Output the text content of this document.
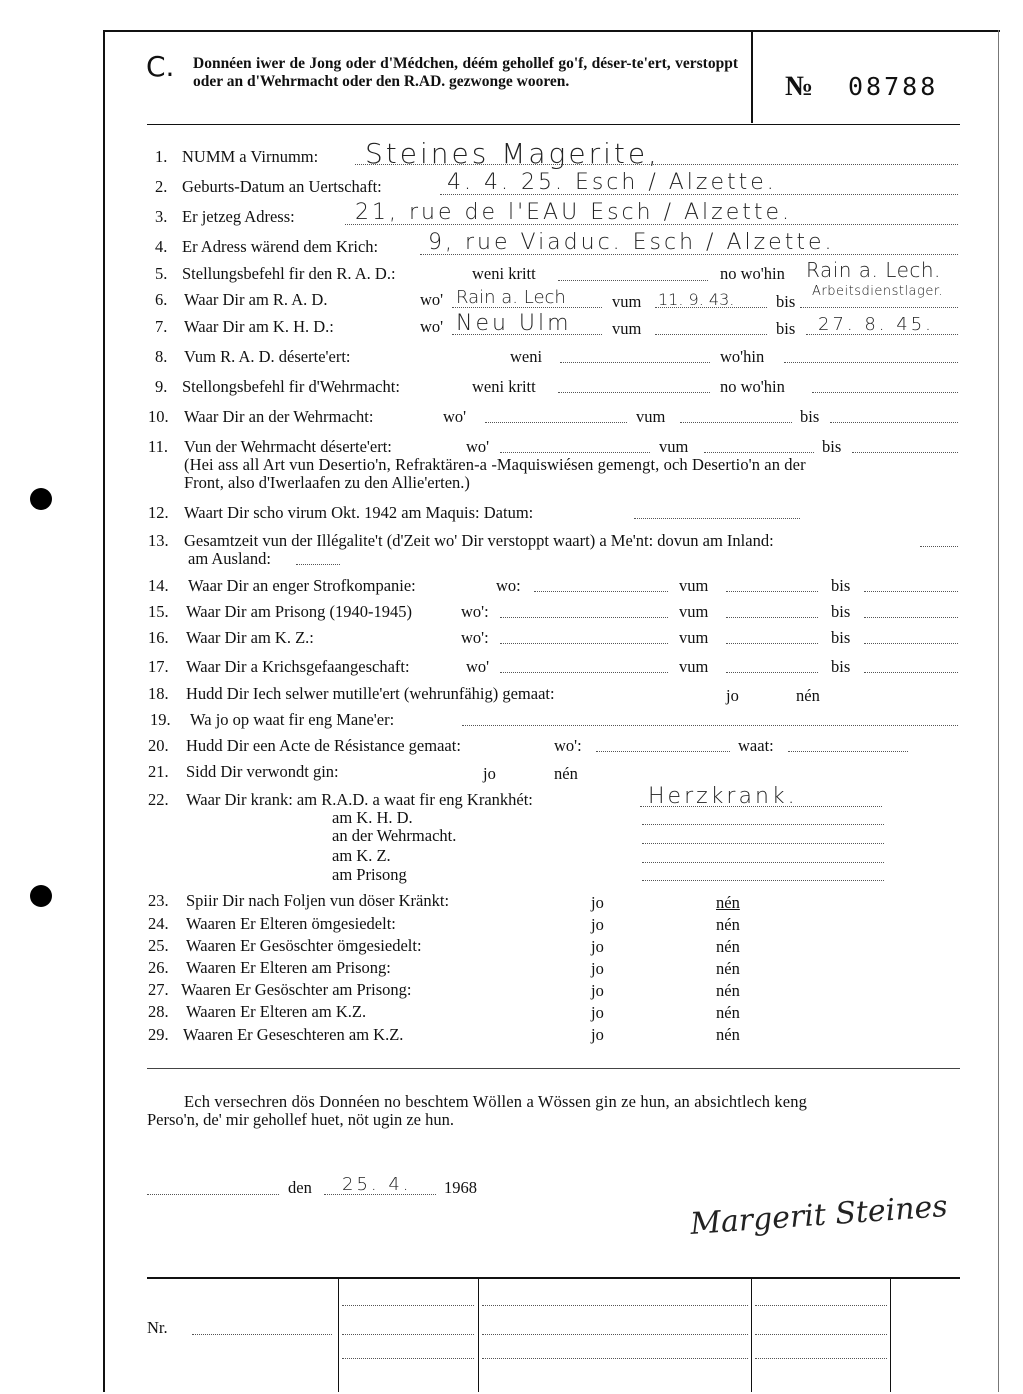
C. Donnéen iwer de Jong oder d'Médchen, déém gehollef go'f, déser-te'ert, verstoppt oder an d'Wehrmacht oder den R.AD. gezwonge wooren.	№ 08788
1. NUMM a Virnumm: Steines Magerite,
2. Geburts-Datum an Uertschaft:	4. 4. 25. Esch / Alzette.
3. Er jetzeg Adress:	21, rue de l'EAU Esch / Alzette.
4. Er Adress wärend dem Krich: 9, rue Viaduc. Esch / Alzette.
5. Stellungsbefehl fir den R. A. D.:	weni kritt	no wo'hin Rain a. Lech.
6. Waar Dir am R. A. D.	wo' Rain a. Lech	vum 11. 9. 43.	bis
Arbeitsdienstlager.
7. Waar Dir am K. H. D.:	wo' Neu Ulm vum	bis 27. 8. 45.
8. Vum R. A. D. déserte'ert:	weni	wo'hin
9. Stellongsbefehl fir d'Wehrmacht:	weni kritt	no wo'hin
10. Waar Dir an der Wehrmacht:	wo'	vum	bis
11. Vun der Wehrmacht déserte'ert:	wo'	vum	bis
(Hei ass all Art vun Desertio'n, Refraktären-a -Maquiswiésen gemengt, och Desertio'n an der
Front, also d'Iwerlaafen zu den Allie'erten.)
12. Waart Dir scho virum Okt. 1942 am Maquis: Datum:
13. Gesamtzeit vun der Illégalite't (d'Zeit wo' Dir verstoppt waart) a Me'nt: dovun am Inland:
am Ausland:
14. Waar Dir an enger Strofkompanie:	wo:	vum	bis
15. Waar Dir am Prisong (1940-1945)	wo':	vum	bis
16. Waar Dir am K. Z.:	wo':	vum	bis
17. Waar Dir a Krichsgefaangeschaft:	wo'	vum	bis
18. Hudd Dir Iech selwer mutille'ert (wehrunfähig) gemaat:	jo	nén
19. Wa jo op waat fir eng Mane'er:
20. Hudd Dir een Acte de Résistance gemaat:	wo':	waat:
21. Sidd Dir verwondt gin:	jo	nén
22. Waar Dir krank: am R.A.D. a waat fir eng Krankhét:	Herzkrank.
am K. H. D.
an der Wehrmacht.
am K. Z.
am Prisong
23. Spiir Dir nach Foljen vun döser Kränkt:	jo	nén
24. Waaren Er Elteren ömgesiedelt:	jo	nén
25. Waaren Er Gesöschter ömgesiedelt:	jo	nén
26. Waaren Er Elteren am Prisong:	jo	nén
27. Waaren Er Gesöschter am Prisong:	jo	nén
28. Waaren Er Elteren am K.Z.	jo	nén
29. Waaren Er Geseschteren am K.Z.	jo	nén
Ech versechren dös Donnéen no beschtem Wöllen a Wössen gin ze hun, an absichtlech keng
Perso'n, de' mir gehollef huet, nöt ugin ze hun.
den 25. 4. 1968
Margerit Steines
Nr.
